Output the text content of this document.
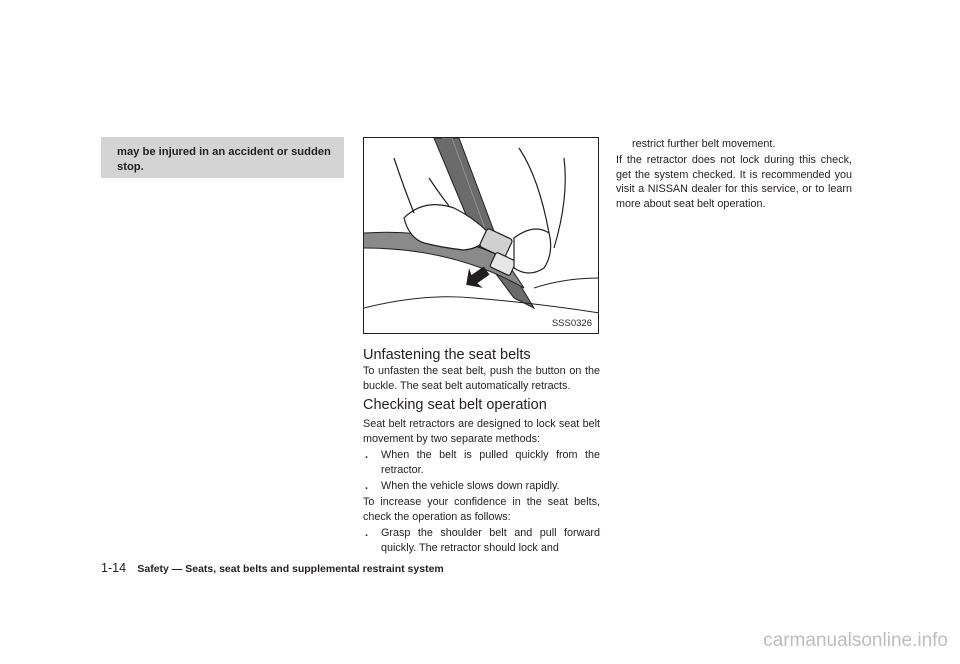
may be injured in an accident or sudden stop.

SSS0326
Unfastening the seat belts

To unfasten the seat belt, push the button on the buckle. The seat belt automatically retracts.

Checking seat belt operation

Seat belt retractors are designed to lock seat belt movement by two separate methods:

. When the belt is pulled quickly from the retractor.
. When the vehicle slows down rapidly.

To increase your confidence in the seat belts, check the operation as follows:

. Grasp the shoulder belt and pull forward quickly. The retractor should lock and

restrict further belt movement.

If the retractor does not lock during this check, get the system checked. It is recommended you visit a NISSAN dealer for this service, or to learn more about seat belt operation.

1-14 Safety — Seats, seat belts and supplemental restraint system
carmanualsonline.info
